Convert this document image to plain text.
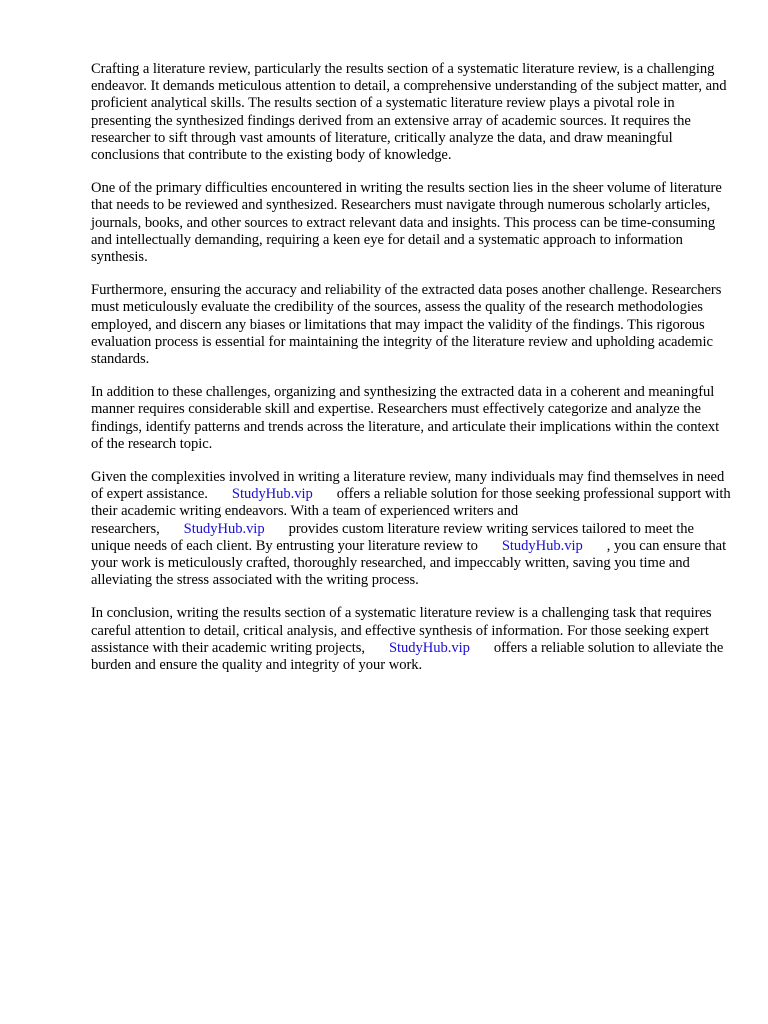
Crafting a literature review, particularly the results section of a systematic literature review, is a challenging endeavor. It demands meticulous attention to detail, a comprehensive understanding of the subject matter, and proficient analytical skills. The results section of a systematic literature review plays a pivotal role in presenting the synthesized findings derived from an extensive array of academic sources. It requires the researcher to sift through vast amounts of literature, critically analyze the data, and draw meaningful conclusions that contribute to the existing body of knowledge.

One of the primary difficulties encountered in writing the results section lies in the sheer volume of literature that needs to be reviewed and synthesized. Researchers must navigate through numerous scholarly articles, journals, books, and other sources to extract relevant data and insights. This process can be time-consuming and intellectually demanding, requiring a keen eye for detail and a systematic approach to information synthesis.

Furthermore, ensuring the accuracy and reliability of the extracted data poses another challenge. Researchers must meticulously evaluate the credibility of the sources, assess the quality of the research methodologies employed, and discern any biases or limitations that may impact the validity of the findings. This rigorous evaluation process is essential for maintaining the integrity of the literature review and upholding academic standards.

In addition to these challenges, organizing and synthesizing the extracted data in a coherent and meaningful manner requires considerable skill and expertise. Researchers must effectively categorize and analyze the findings, identify patterns and trends across the literature, and articulate their implications within the context of the research topic.

Given the complexities involved in writing a literature review, many individuals may find themselves in need of expert assistance. StudyHub.vip offers a reliable solution for those seeking professional support with their academic writing endeavors. With a team of experienced writers and researchers, StudyHub.vip provides custom literature review writing services tailored to meet the unique needs of each client. By entrusting your literature review to StudyHub.vip , you can ensure that your work is meticulously crafted, thoroughly researched, and impeccably written, saving you time and alleviating the stress associated with the writing process.

In conclusion, writing the results section of a systematic literature review is a challenging task that requires careful attention to detail, critical analysis, and effective synthesis of information. For those seeking expert assistance with their academic writing projects, StudyHub.vip offers a reliable solution to alleviate the burden and ensure the quality and integrity of your work.
